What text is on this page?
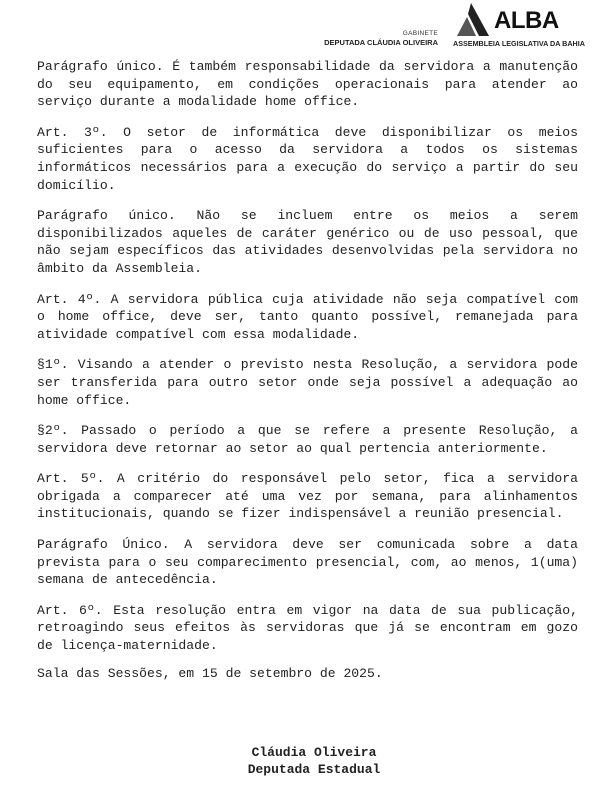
GABINETE
DEPUTADA CLÁUDIA OLIVEIRA
ALBA
ASSEMBLEIA LEGISLATIVA DA BAHIA

Parágrafo único. É também responsabilidade da servidora a manutenção do seu equipamento, em condições operacionais para atender ao serviço durante a modalidade home office.

Art. 3º. O setor de informática deve disponibilizar os meios suficientes para o acesso da servidora a todos os sistemas informáticos necessários para a execução do serviço a partir do seu domicílio.

Parágrafo único. Não se incluem entre os meios a serem disponibilizados aqueles de caráter genérico ou de uso pessoal, que não sejam específicos das atividades desenvolvidas pela servidora no âmbito da Assembleia.

Art. 4º. A servidora pública cuja atividade não seja compatível com o home office, deve ser, tanto quanto possível, remanejada para atividade compatível com essa modalidade.

§1º. Visando a atender o previsto nesta Resolução, a servidora pode ser transferida para outro setor onde seja possível a adequação ao home office.

§2º. Passado o período a que se refere a presente Resolução, a servidora deve retornar ao setor ao qual pertencia anteriormente.

Art. 5º. A critério do responsável pelo setor, fica a servidora obrigada a comparecer até uma vez por semana, para alinhamentos institucionais, quando se fizer indispensável a reunião presencial.

Parágrafo Único. A servidora deve ser comunicada sobre a data prevista para o seu comparecimento presencial, com, ao menos, 1(uma) semana de antecedência.

Art. 6º. Esta resolução entra em vigor na data de sua publicação, retroagindo seus efeitos às servidoras que já se encontram em gozo de licença-maternidade.

Sala das Sessões, em 15 de setembro de 2025.
Cláudia Oliveira
Deputada Estadual
